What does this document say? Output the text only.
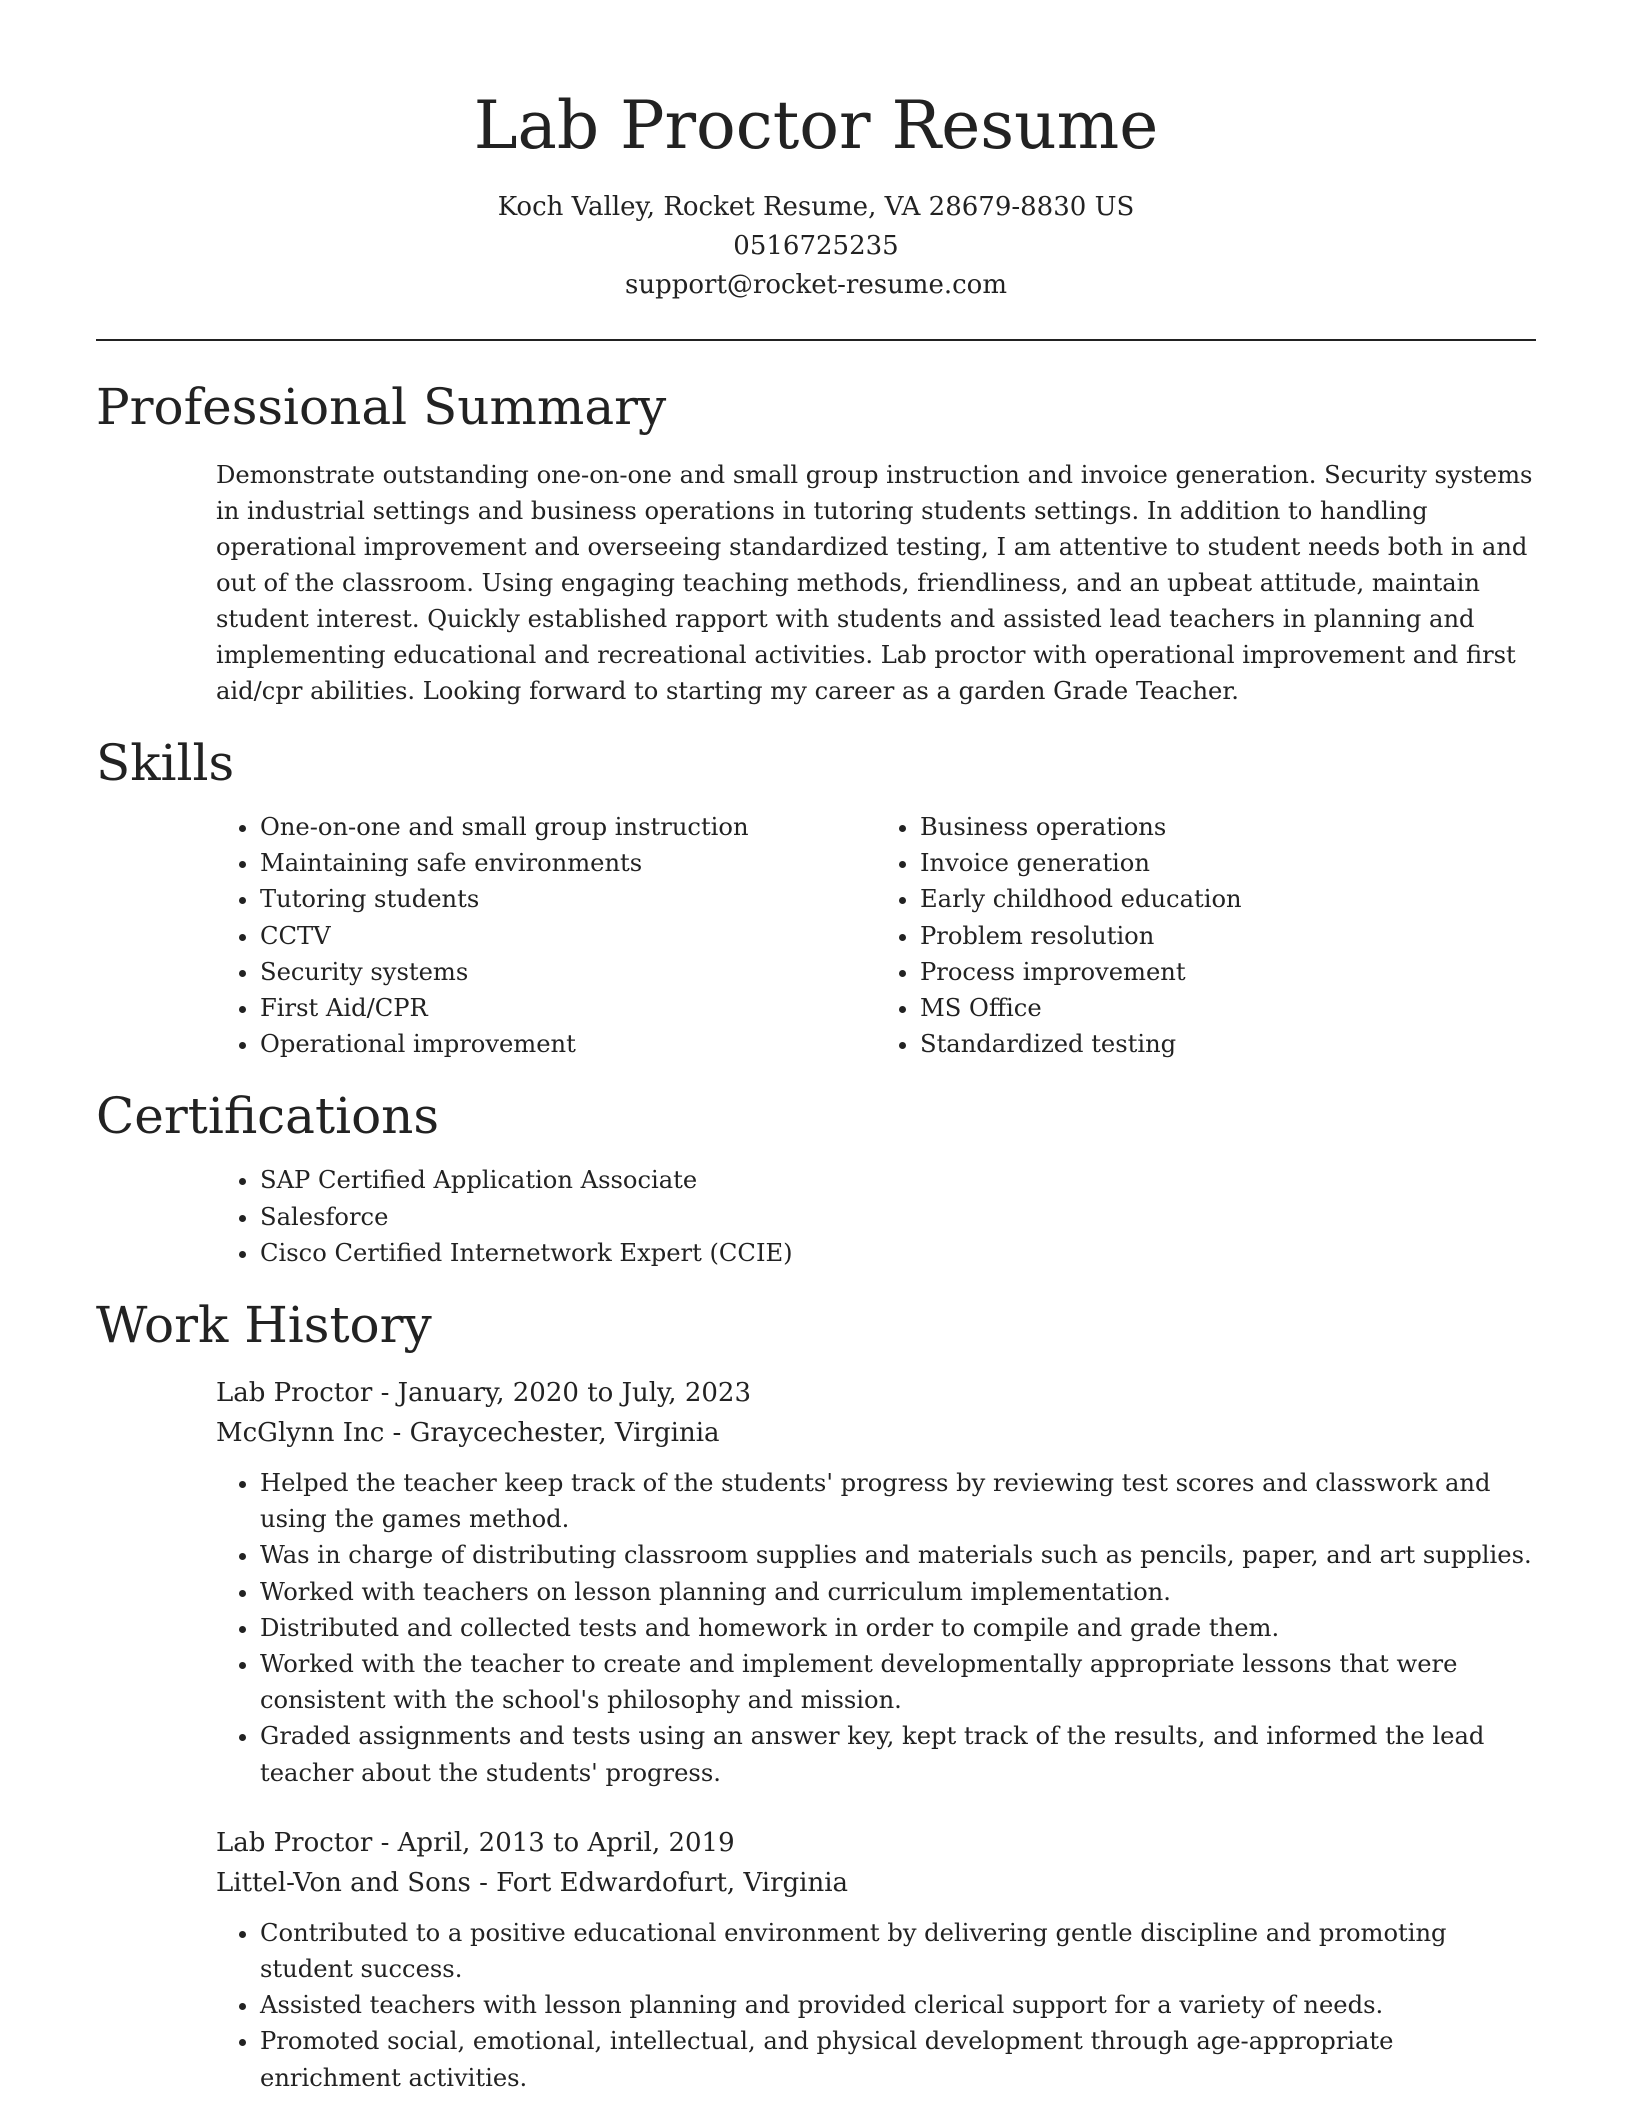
Lab Proctor Resume
Koch Valley, Rocket Resume, VA 28679-8830 US
0516725235
support@rocket-resume.com
Professional Summary

Demonstrate outstanding one-on-one and small group instruction and invoice generation. Security systems in industrial settings and business operations in tutoring students settings. In addition to handling operational improvement and overseeing standardized testing, I am attentive to student needs both in and out of the classroom. Using engaging teaching methods, friendliness, and an upbeat attitude, maintain student interest. Quickly established rapport with students and assisted lead teachers in planning and implementing educational and recreational activities. Lab proctor with operational improvement and first aid/cpr abilities. Looking forward to starting my career as a garden Grade Teacher.

Skills
• One-on-one and small group instruction
• Maintaining safe environments
• Tutoring students
• CCTV
• Security systems
• First Aid/CPR
• Operational improvement
• Business operations
• Invoice generation
• Early childhood education
• Problem resolution
• Process improvement
• MS Office
• Standardized testing
Certifications
• SAP Certified Application Associate
• Salesforce
• Cisco Certified Internetwork Expert (CCIE)
Work History
Lab Proctor - January, 2020 to July, 2023
McGlynn Inc - Graycechester, Virginia
• Helped the teacher keep track of the students' progress by reviewing test scores and classwork and using the games method.
• Was in charge of distributing classroom supplies and materials such as pencils, paper, and art supplies.
• Worked with teachers on lesson planning and curriculum implementation.
• Distributed and collected tests and homework in order to compile and grade them.
• Worked with the teacher to create and implement developmentally appropriate lessons that were consistent with the school's philosophy and mission.
• Graded assignments and tests using an answer key, kept track of the results, and informed the lead teacher about the students' progress.
Lab Proctor - April, 2013 to April, 2019
Littel-Von and Sons - Fort Edwardofurt, Virginia
• Contributed to a positive educational environment by delivering gentle discipline and promoting student success.
• Assisted teachers with lesson planning and provided clerical support for a variety of needs.
• Promoted social, emotional, intellectual, and physical development through age-appropriate enrichment activities.
